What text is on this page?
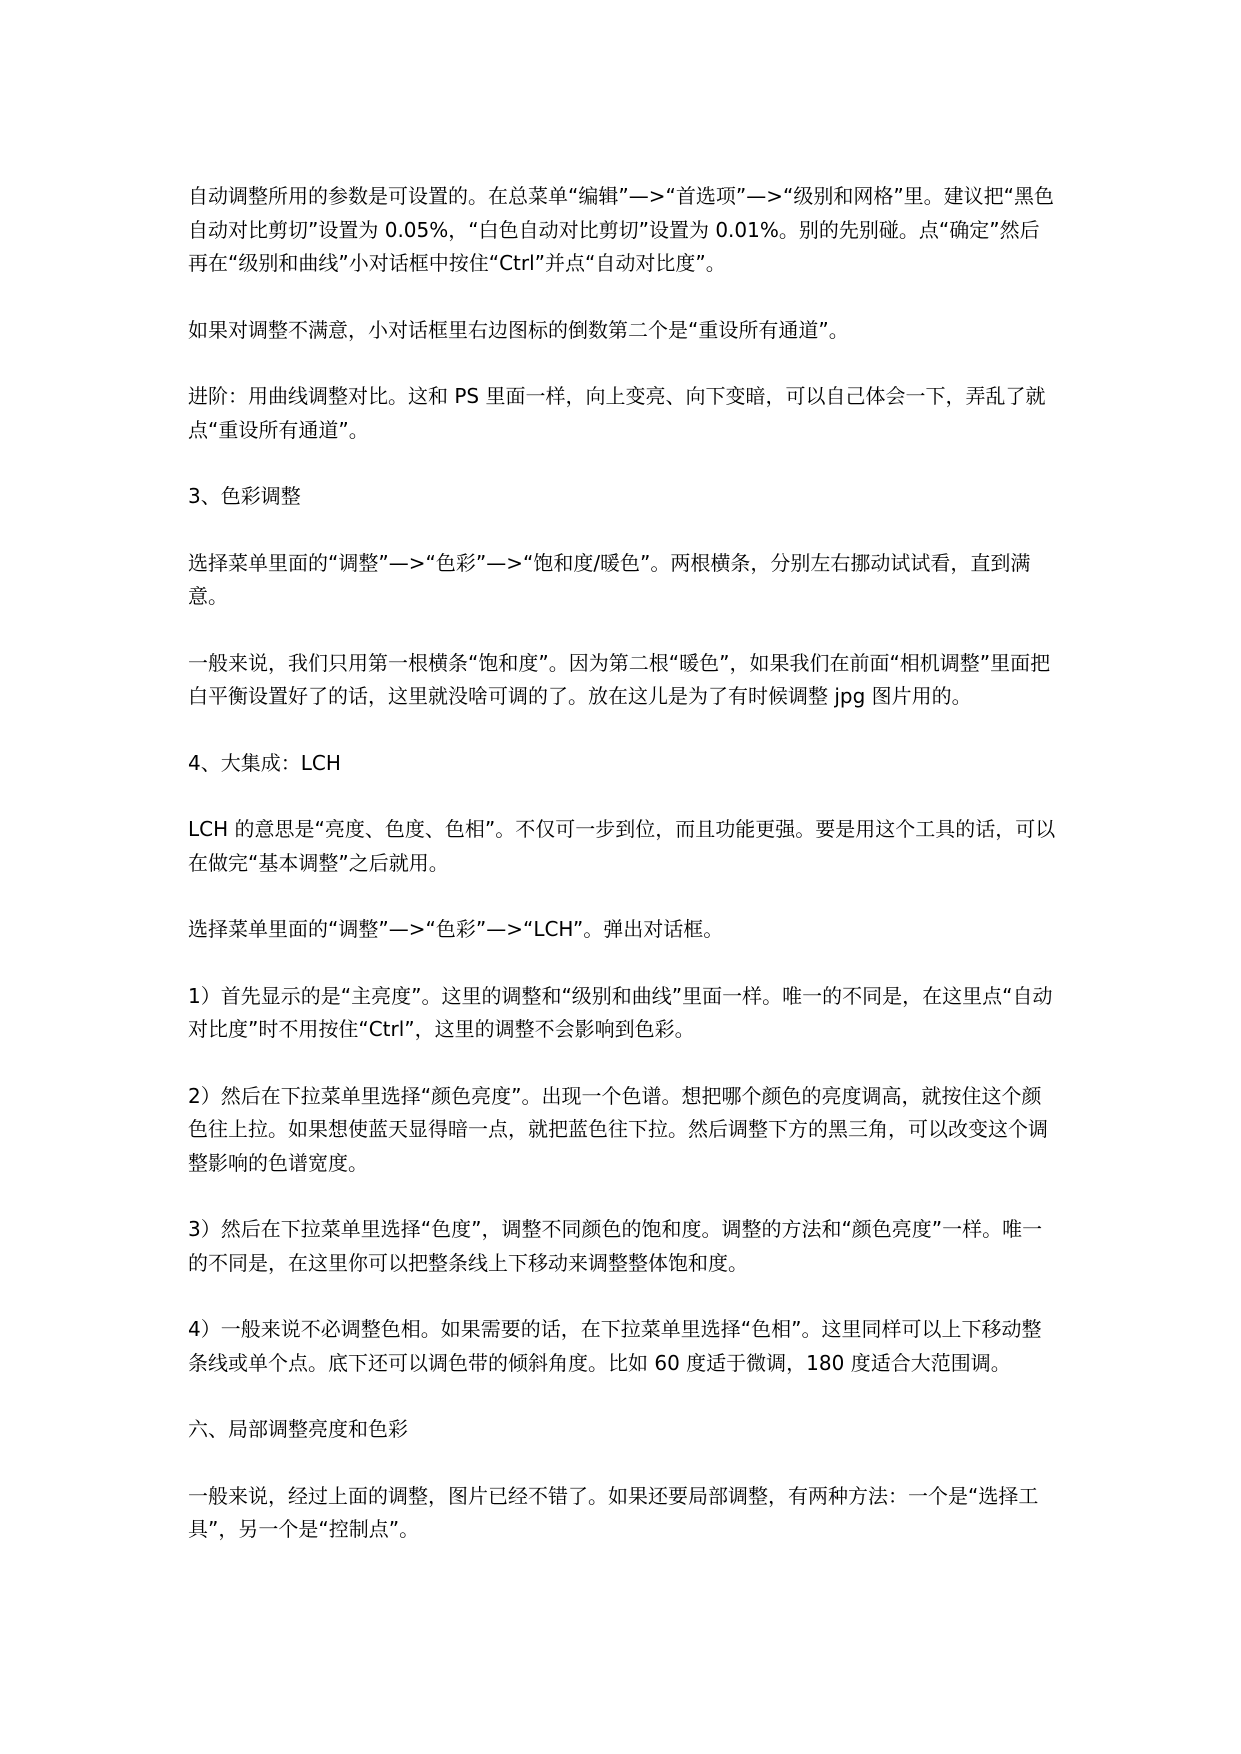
自动调整所用的参数是可设置的。在总菜单“编辑”—>“首选项”—>“级别和网格”里。建议把“黑色自动对比剪切”设置为 0.05%，“白色自动对比剪切”设置为 0.01%。别的先别碰。点“确定”然后再在“级别和曲线”小对话框中按住“Ctrl”并点“自动对比度”。

如果对调整不满意，小对话框里右边图标的倒数第二个是“重设所有通道”。

进阶：用曲线调整对比。这和 PS 里面一样，向上变亮、向下变暗，可以自己体会一下，弄乱了就点“重设所有通道”。

3、色彩调整

选择菜单里面的“调整”—>“色彩”—>“饱和度/暖色”。两根横条，分别左右挪动试试看，直到满意。

一般来说，我们只用第一根横条“饱和度”。因为第二根“暖色”，如果我们在前面“相机调整”里面把白平衡设置好了的话，这里就没啥可调的了。放在这儿是为了有时候调整 jpg 图片用的。

4、大集成：LCH

LCH 的意思是“亮度、色度、色相”。不仅可一步到位，而且功能更强。要是用这个工具的话，可以在做完“基本调整”之后就用。

选择菜单里面的“调整”—>“色彩”—>“LCH”。弹出对话框。

1）首先显示的是“主亮度”。这里的调整和“级别和曲线”里面一样。唯一的不同是，在这里点“自动对比度”时不用按住“Ctrl”，这里的调整不会影响到色彩。

2）然后在下拉菜单里选择“颜色亮度”。出现一个色谱。想把哪个颜色的亮度调高，就按住这个颜色往上拉。如果想使蓝天显得暗一点，就把蓝色往下拉。然后调整下方的黑三角，可以改变这个调整影响的色谱宽度。

3）然后在下拉菜单里选择“色度”，调整不同颜色的饱和度。调整的方法和“颜色亮度”一样。唯一的不同是，在这里你可以把整条线上下移动来调整整体饱和度。

4）一般来说不必调整色相。如果需要的话，在下拉菜单里选择“色相”。这里同样可以上下移动整条线或单个点。底下还可以调色带的倾斜角度。比如 60 度适于微调，180 度适合大范围调。

六、局部调整亮度和色彩

一般来说，经过上面的调整，图片已经不错了。如果还要局部调整，有两种方法：一个是“选择工具”，另一个是“控制点”。
